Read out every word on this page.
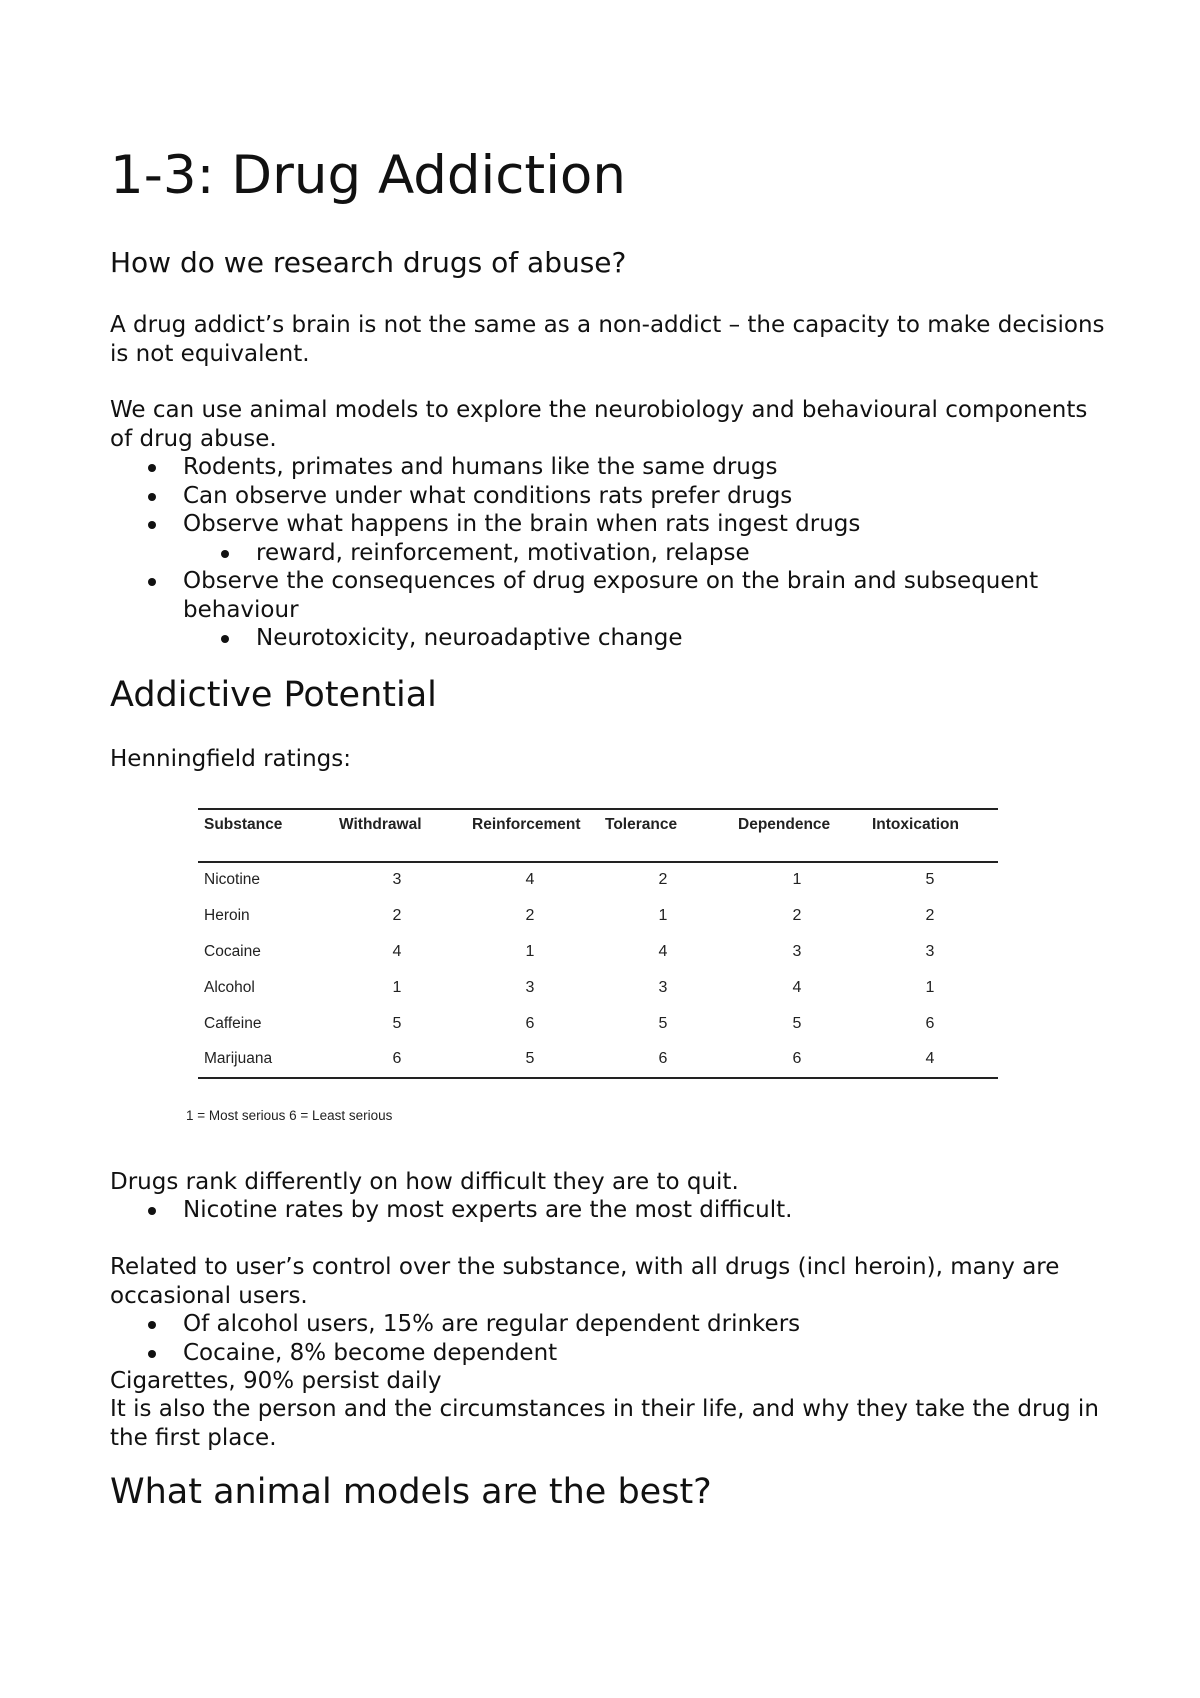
1-3: Drug Addiction
How do we research drugs of abuse?

A drug addict’s brain is not the same as a non-addict – the capacity to make decisions is not equivalent.

We can use animal models to explore the neurobiology and behavioural components of drug abuse.

Rodents, primates and humans like the same drugs
Can observe under what conditions rats prefer drugs
Observe what happens in the brain when rats ingest drugs
reward, reinforcement, motivation, relapse
Observe the consequences of drug exposure on the brain and subsequent behaviour
Neurotoxicity, neuroadaptive change
Addictive Potential

Henningfield ratings:

Substance	Withdrawal	Reinforcement Tolerance	Dependence	Intoxication
Nicotine	3	4	2	1	5
Heroin	2	2	1	2	2
Cocaine	4	1	4	3	3
Alcohol	1	3	3	4	1
Caffeine	5	6	5	5	6
Marijuana	6	5	6	6	4
1 = Most serious 6 = Least serious

Drugs rank differently on how difficult they are to quit.

Nicotine rates by most experts are the most difficult.

Related to user’s control over the substance, with all drugs (incl heroin), many are occasional users.

Of alcohol users, 15% are regular dependent drinkers
Cocaine, 8% become dependent

Cigarettes, 90% persist daily

It is also the person and the circumstances in their life, and why they take the drug in the first place.

What animal models are the best?
